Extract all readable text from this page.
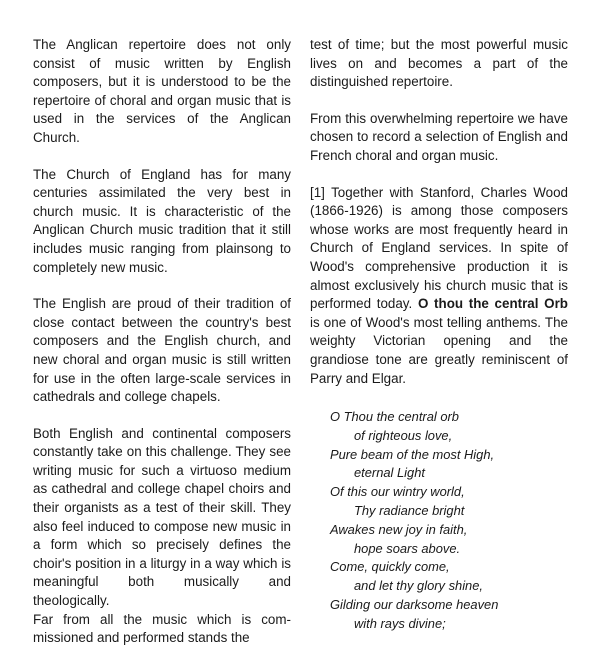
The Anglican repertoire does not only consist of music written by English composers, but it is understood to be the repertoire of choral and organ music that is used in the services of the Anglican Church.

The Church of England has for many centuries assimilated the very best in church music. It is characteristic of the Anglican Church music tradition that it still includes music ranging from plainsong to completely new music.

The English are proud of their tradition of close contact between the country's best composers and the English church, and new choral and organ music is still written for use in the often large-scale services in cathedrals and college chapels.

Both English and continental composers constantly take on this challenge. They see writing music for such a virtuoso medium as cathedral and college chapel choirs and their organists as a test of their skill. They also feel induced to compose new music in a form which so precisely defines the choir's position in a liturgy in a way which is meaningful both musically and theologically.

Far from all the music which is commissioned and performed stands the

test of time; but the most powerful music lives on and becomes a part of the distinguished repertoire.

From this overwhelming repertoire we have chosen to record a selection of English and French choral and organ music.

[1] Together with Stanford, Charles Wood (1866-1926) is among those composers whose works are most frequently heard in Church of England services. In spite of Wood's comprehensive production it is almost exclusively his church music that is performed today. O thou the central Orb is one of Wood's most telling anthems. The weighty Victorian opening and the grandiose tone are greatly reminiscent of Parry and Elgar.

O Thou the central orb
of righteous love,
Pure beam of the most High,
eternal Light
Of this our wintry world,
Thy radiance bright
Awakes new joy in faith,
hope soars above.
Come, quickly come,
and let thy glory shine,
Gilding our darksome heaven
with rays divine;
